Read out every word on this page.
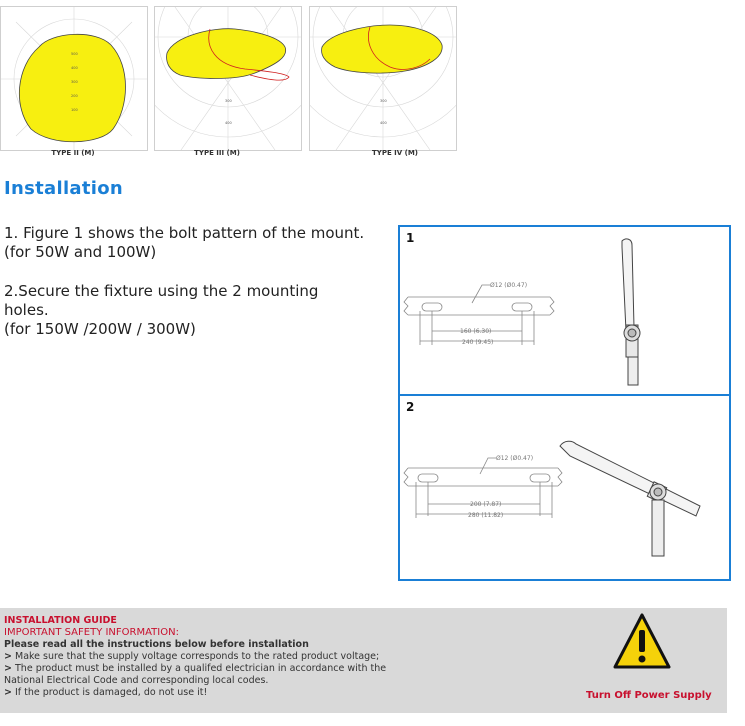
500
400
300
200
100
TYPE II (M)
300
400
TYPE III (M)
300
400
TYPE IV (M)
Installation

1. Figure 1 shows the bolt pattern of the mount.
(for 50W and 100W)

2.Secure the fixture using the 2 mounting
holes.
(for 150W /200W / 300W)

Ø12 (Ø0.47)
160 (6.30)
240 (9.45)
1
Ø12 (Ø0.47)
200 (7.87)
280 (11.82)
2
INSTALLATION GUIDE
IMPORTANT SAFETY INFORMATION:
Please read all the instructions below before installation
> Make sure that the supply voltage corresponds to the rated product voltage;
> The product must be installed by a qualifed electrician in accordance with the
National Electrical Code and corresponding local codes.
> If the product is damaged, do not use it!	Turn Off Power Supply
